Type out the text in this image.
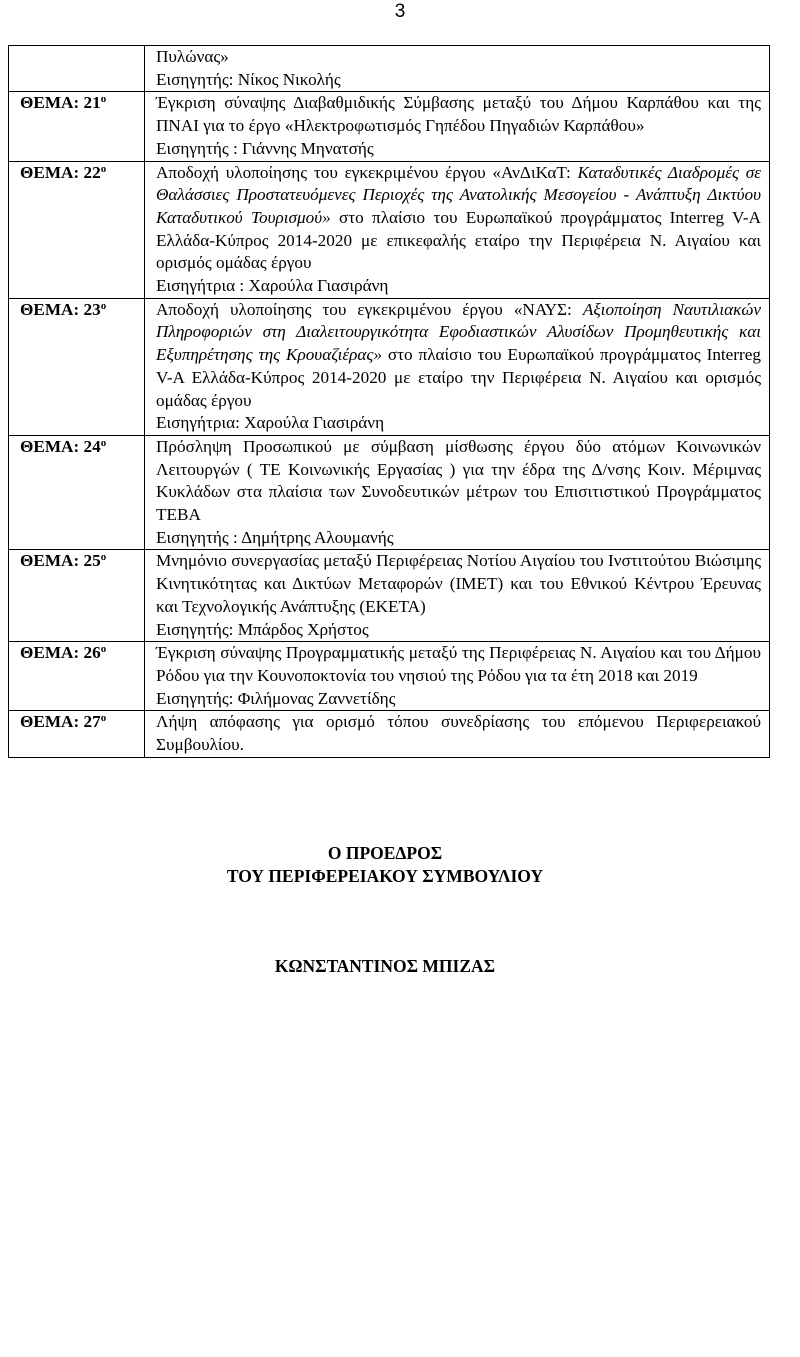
3

	Πυλώνας»
Εισηγητής: Νίκος Νικολής

ΘΕΜΑ: $21^o$	Έγκριση σύναψης Διαβαθμιδικής Σύμβασης μεταξύ του Δήμου Καρπάθου και της ΠΝΑΙ για το έργο «Ηλεκτροφωτισμός Γηπέδου Πηγαδιών Καρπάθου»
Εισηγητής : Γιάννης Μηνατσής

ΘΕΜΑ: $22^o$	Αποδοχή υλοποίησης του εγκεκριμένου έργου «ΑνΔιΚαΤ: Καταδυτικές Διαδρομές σε Θαλάσσιες Προστατευόμενες Περιοχές της Ανατολικής Μεσογείου - Ανάπτυξη Δικτύου Καταδυτικού Τουρισμού» στο πλαίσιο του Ευρωπαϊκού προγράμματος Interreg V-A Ελλάδα-Κύπρος 2014-2020 με επικεφαλής εταίρο την Περιφέρεια Ν. Αιγαίου και ορισμός ομάδας έργου
Εισηγήτρια : Χαρούλα Γιασιράνη

ΘΕΜΑ: $23^o$	Αποδοχή υλοποίησης του εγκεκριμένου έργου «ΝΑΥΣ: Αξιοποίηση Ναυτιλιακών Πληροφοριών στη Διαλειτουργικότητα Εφοδιαστικών Αλυσίδων Προμηθευτικής και Εξυπηρέτησης της Κρουαζιέρας» στο πλαίσιο του Ευρωπαϊκού προγράμματος Interreg V-A Ελλάδα-Κύπρος 2014-2020 με εταίρο την Περιφέρεια Ν. Αιγαίου και ορισμός ομάδας έργου
Εισηγήτρια: Χαρούλα Γιασιράνη

ΘΕΜΑ: $24^o$	Πρόσληψη Προσωπικού με σύμβαση μίσθωσης έργου δύο ατόμων Κοινωνικών Λειτουργών ( ΤΕ Κοινωνικής Εργασίας ) για την έδρα της Δ/νσης Κοιν. Μέριμνας Κυκλάδων στα πλαίσια των Συνοδευτικών μέτρων του Επισιτιστικού Προγράμματος ΤΕΒΑ
Εισηγητής : Δημήτρης Αλουμανής

ΘΕΜΑ: $25^o$	Μνημόνιο συνεργασίας μεταξύ Περιφέρειας Νοτίου Αιγαίου του Ινστιτούτου Βιώσιμης Κινητικότητας και Δικτύων Μεταφορών (ΙΜΕΤ) και του Εθνικού Κέντρου Έρευνας και Τεχνολογικής Ανάπτυξης (ΕΚΕΤΑ)
Εισηγητής: Μπάρδος Χρήστος

ΘΕΜΑ: $26^o$	Έγκριση σύναψης Προγραμματικής μεταξύ της Περιφέρειας Ν. Αιγαίου και του Δήμου Ρόδου για την Κουνοποκτονία του νησιού της Ρόδου για τα έτη 2018 και 2019
Εισηγητής: Φιλήμονας Ζαννετίδης

ΘΕΜΑ: $27^o$	Λήψη απόφασης για ορισμό τόπου συνεδρίασης του επόμενου Περιφερειακού Συμβουλίου.
Ο ΠΡΟΕΔΡΟΣ
ΤΟΥ ΠΕΡΙΦΕΡΕΙΑΚΟΥ ΣΥΜΒΟΥΛΙΟΥ
ΚΩΝΣΤΑΝΤΙΝΟΣ ΜΠΙΖΑΣ
